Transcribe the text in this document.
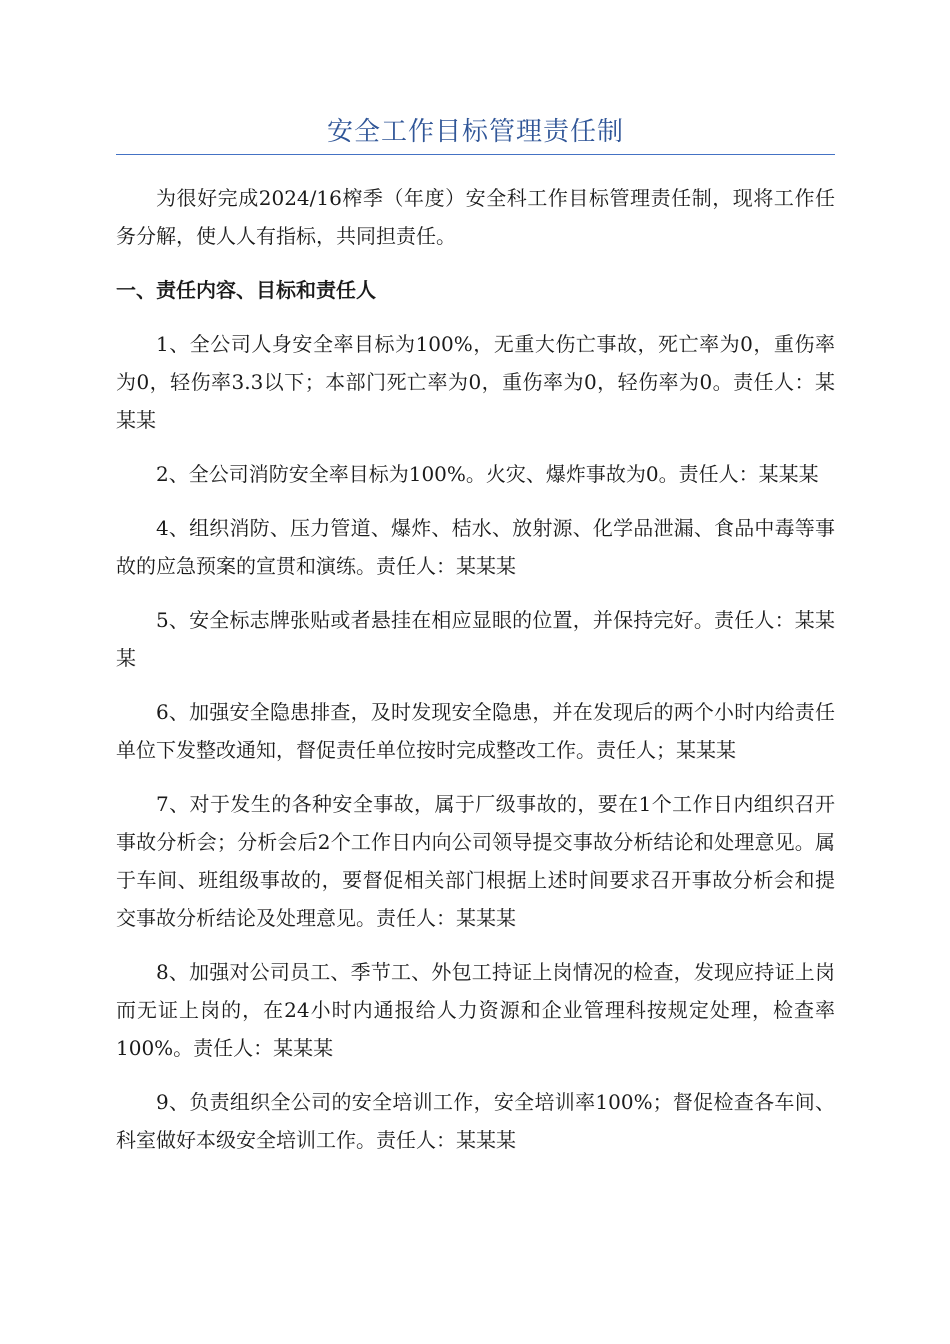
安全工作目标管理责任制

为很好完成2024/16榨季（年度）安全科工作目标管理责任制，现将工作任务分解，使人人有指标，共同担责任。

一、责任内容、目标和责任人

1、全公司人身安全率目标为100%，无重大伤亡事故，死亡率为0，重伤率为0，轻伤率3.3以下；本部门死亡率为0，重伤率为0，轻伤率为0。责任人：某某某

2、全公司消防安全率目标为100%。火灾、爆炸事故为0。责任人：某某某

4、组织消防、压力管道、爆炸、桔水、放射源、化学品泄漏、食品中毒等事故的应急预案的宣贯和演练。责任人：某某某

5、安全标志牌张贴或者悬挂在相应显眼的位置，并保持完好。责任人：某某某

6、加强安全隐患排查，及时发现安全隐患，并在发现后的两个小时内给责任单位下发整改通知，督促责任单位按时完成整改工作。责任人；某某某

7、对于发生的各种安全事故，属于厂级事故的，要在1个工作日内组织召开事故分析会；分析会后2个工作日内向公司领导提交事故分析结论和处理意见。属于车间、班组级事故的，要督促相关部门根据上述时间要求召开事故分析会和提交事故分析结论及处理意见。责任人：某某某

8、加强对公司员工、季节工、外包工持证上岗情况的检查，发现应持证上岗而无证上岗的，在24小时内通报给人力资源和企业管理科按规定处理，检查率100%。责任人：某某某

9、负责组织全公司的安全培训工作，安全培训率100%；督促检查各车间、科室做好本级安全培训工作。责任人：某某某
